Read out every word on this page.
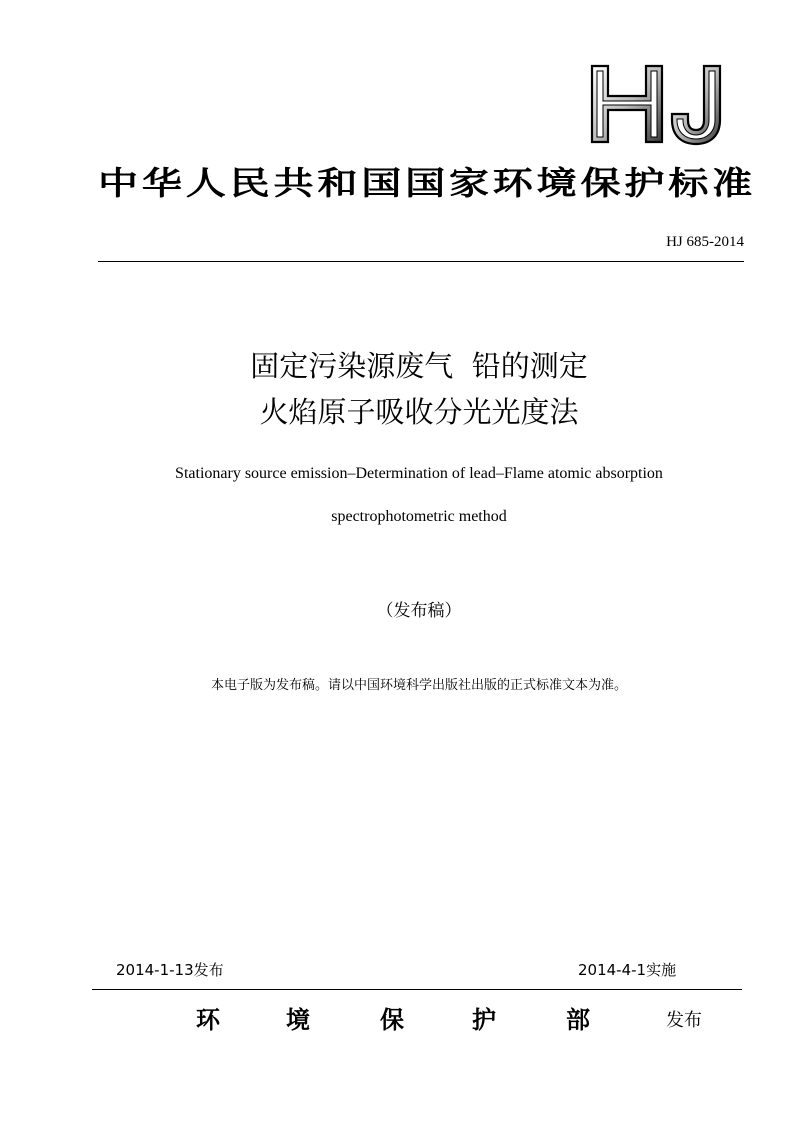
HJ
中华人民共和国国家环境保护标准
HJ 685-2014
固定污染源废气  铅的测定
火焰原子吸收分光光度法
Stationary source emission–Determination of lead–Flame atomic absorption
spectrophotometric method
（发布稿）
本电子版为发布稿。请以中国环境科学出版社出版的正式标准文本为准。
2014-1-13发布	2014-4-1实施
环	境	保	护	部	发布
